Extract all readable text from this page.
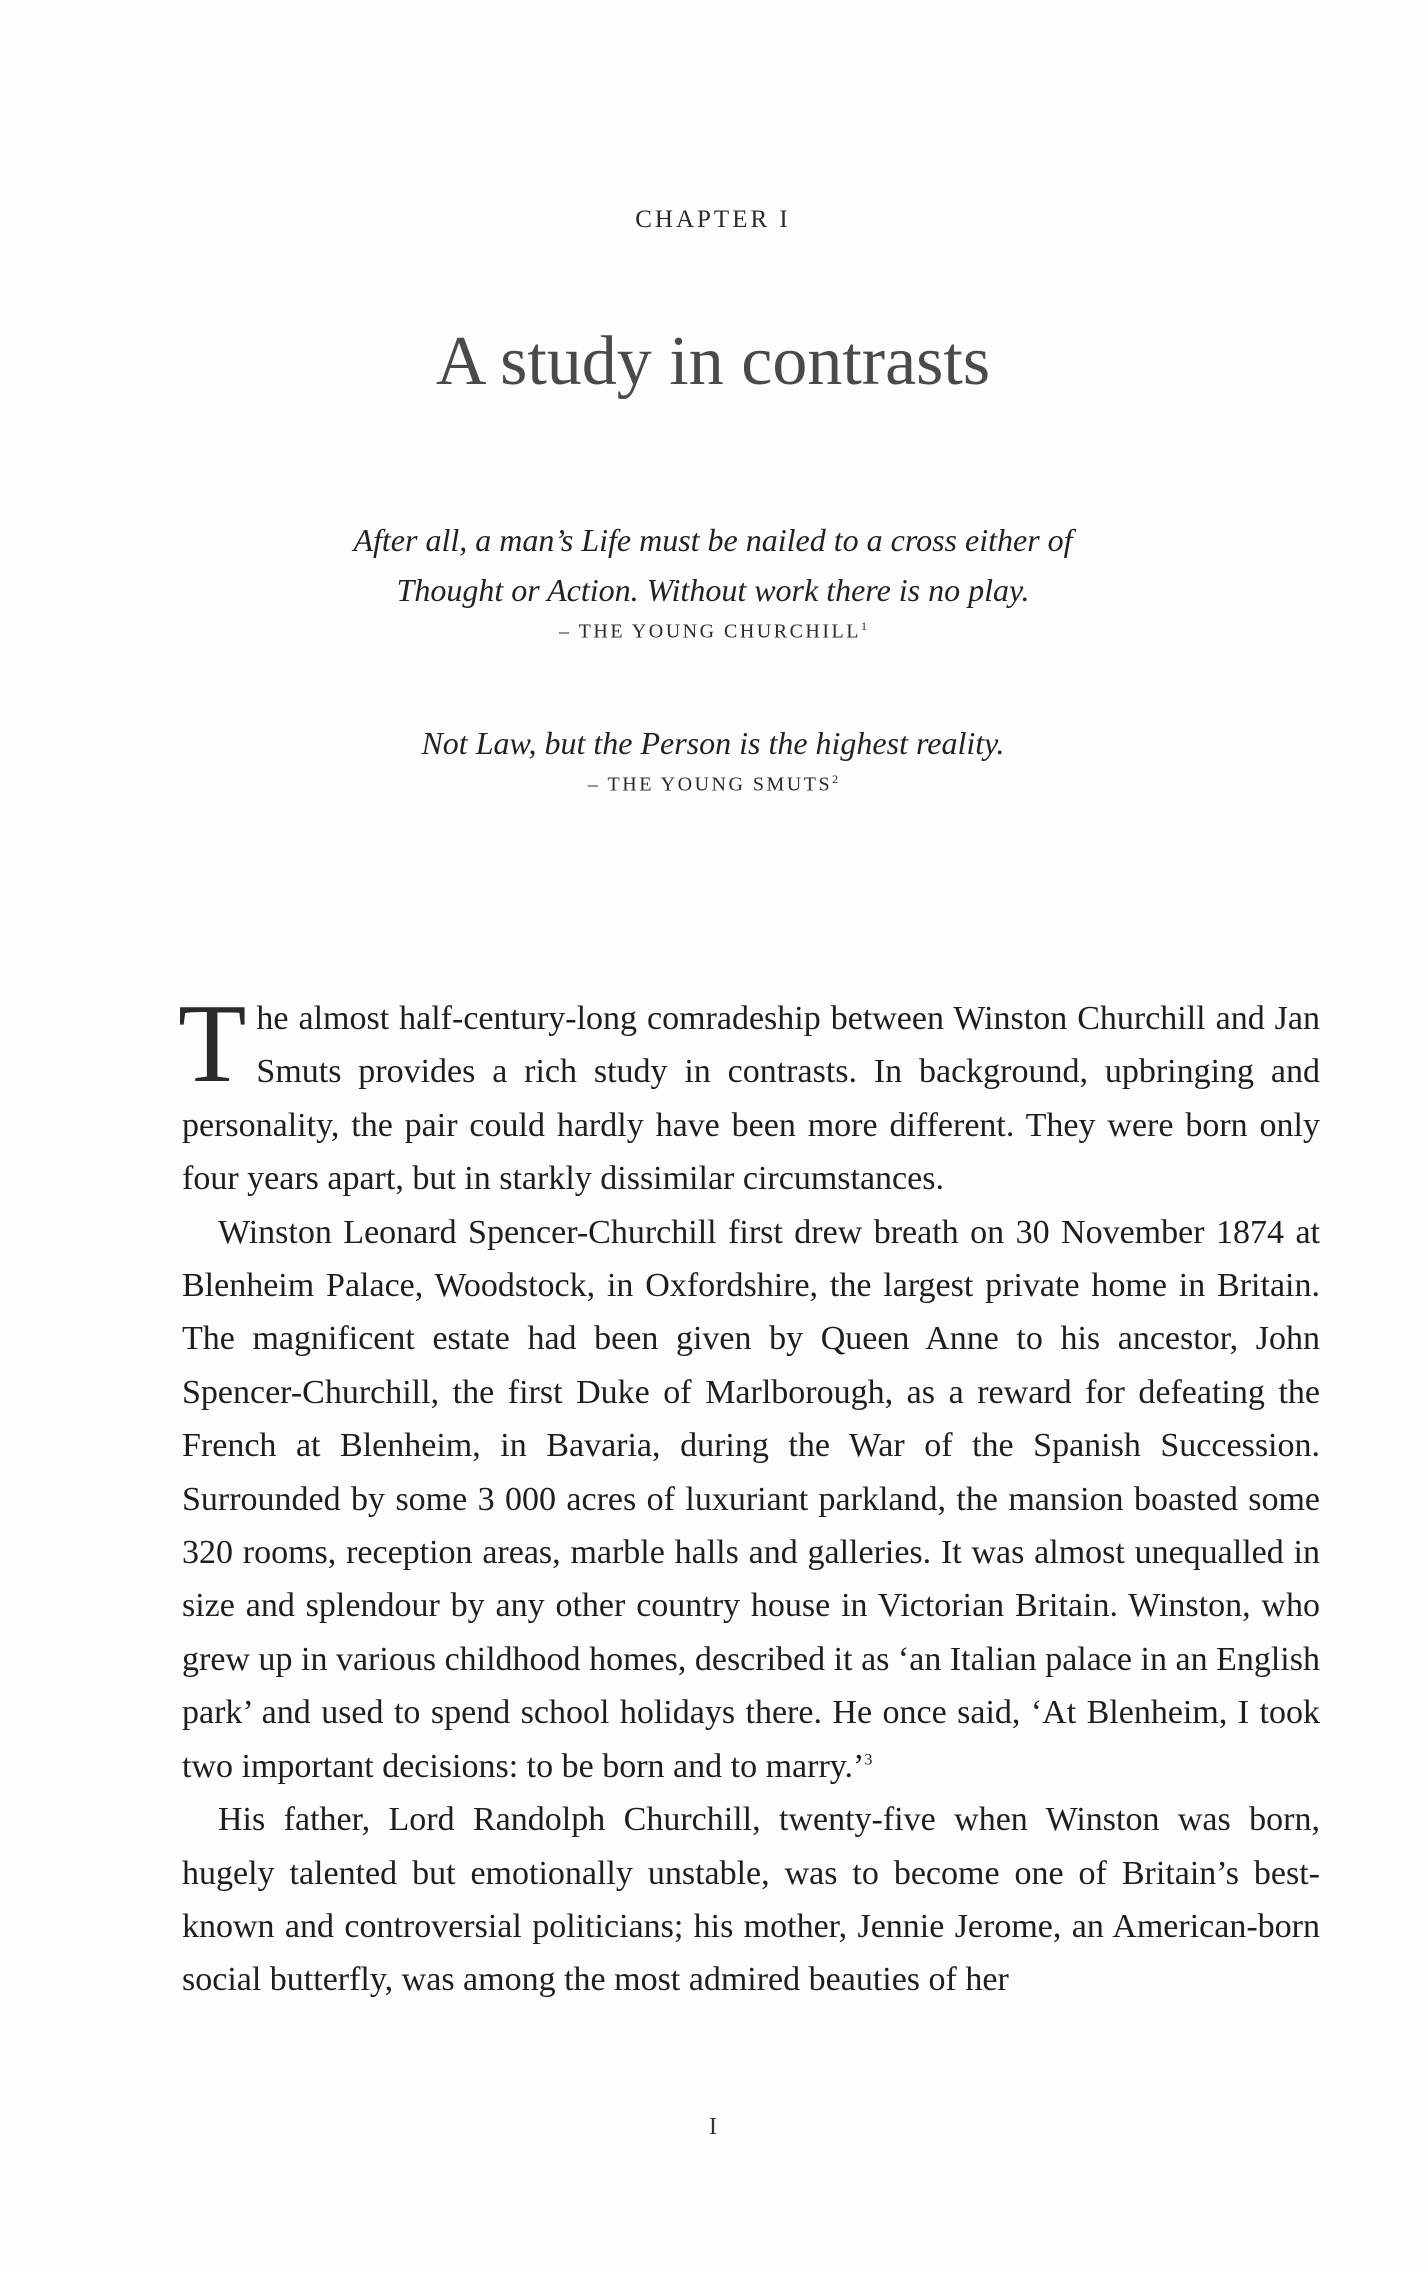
CHAPTER I
A study in contrasts
After all, a man’s Life must be nailed to a cross either of
Thought or Action. Without work there is no play.
– THE YOUNG CHURCHILL$^1$
Not Law, but the Person is the highest reality.
– THE YOUNG SMUTS$^2$

The almost half-century-long comradeship between Winston Churchill and Jan Smuts provides a rich study in contrasts. In background, upbringing and personality, the pair could hardly have been more different. They were born only four years apart, but in starkly dissimilar circumstances.

Winston Leonard Spencer-Churchill first drew breath on 30 November 1874 at Blenheim Palace, Woodstock, in Oxfordshire, the largest private home in Britain. The magnificent estate had been given by Queen Anne to his ancestor, John Spencer-Churchill, the first Duke of Marlborough, as a reward for defeating the French at Blenheim, in Bavaria, during the War of the Spanish Succession. Surrounded by some 3 000 acres of luxuriant parkland, the mansion boasted some 320 rooms, reception areas, marble halls and galleries. It was almost unequalled in size and splendour by any other country house in Victorian Britain. Winston, who grew up in various childhood homes, described it as ‘an Italian palace in an English park’ and used to spend school holidays there. He once said, ‘At Blenheim, I took two important decisions: to be born and to marry.’$^3$

His father, Lord Randolph Churchill, twenty-five when Winston was born, hugely talented but emotionally unstable, was to become one of Britain’s best-known and controversial politicians; his mother, Jennie Jerome, an American-born social butterfly, was among the most admired beauties of her

I
